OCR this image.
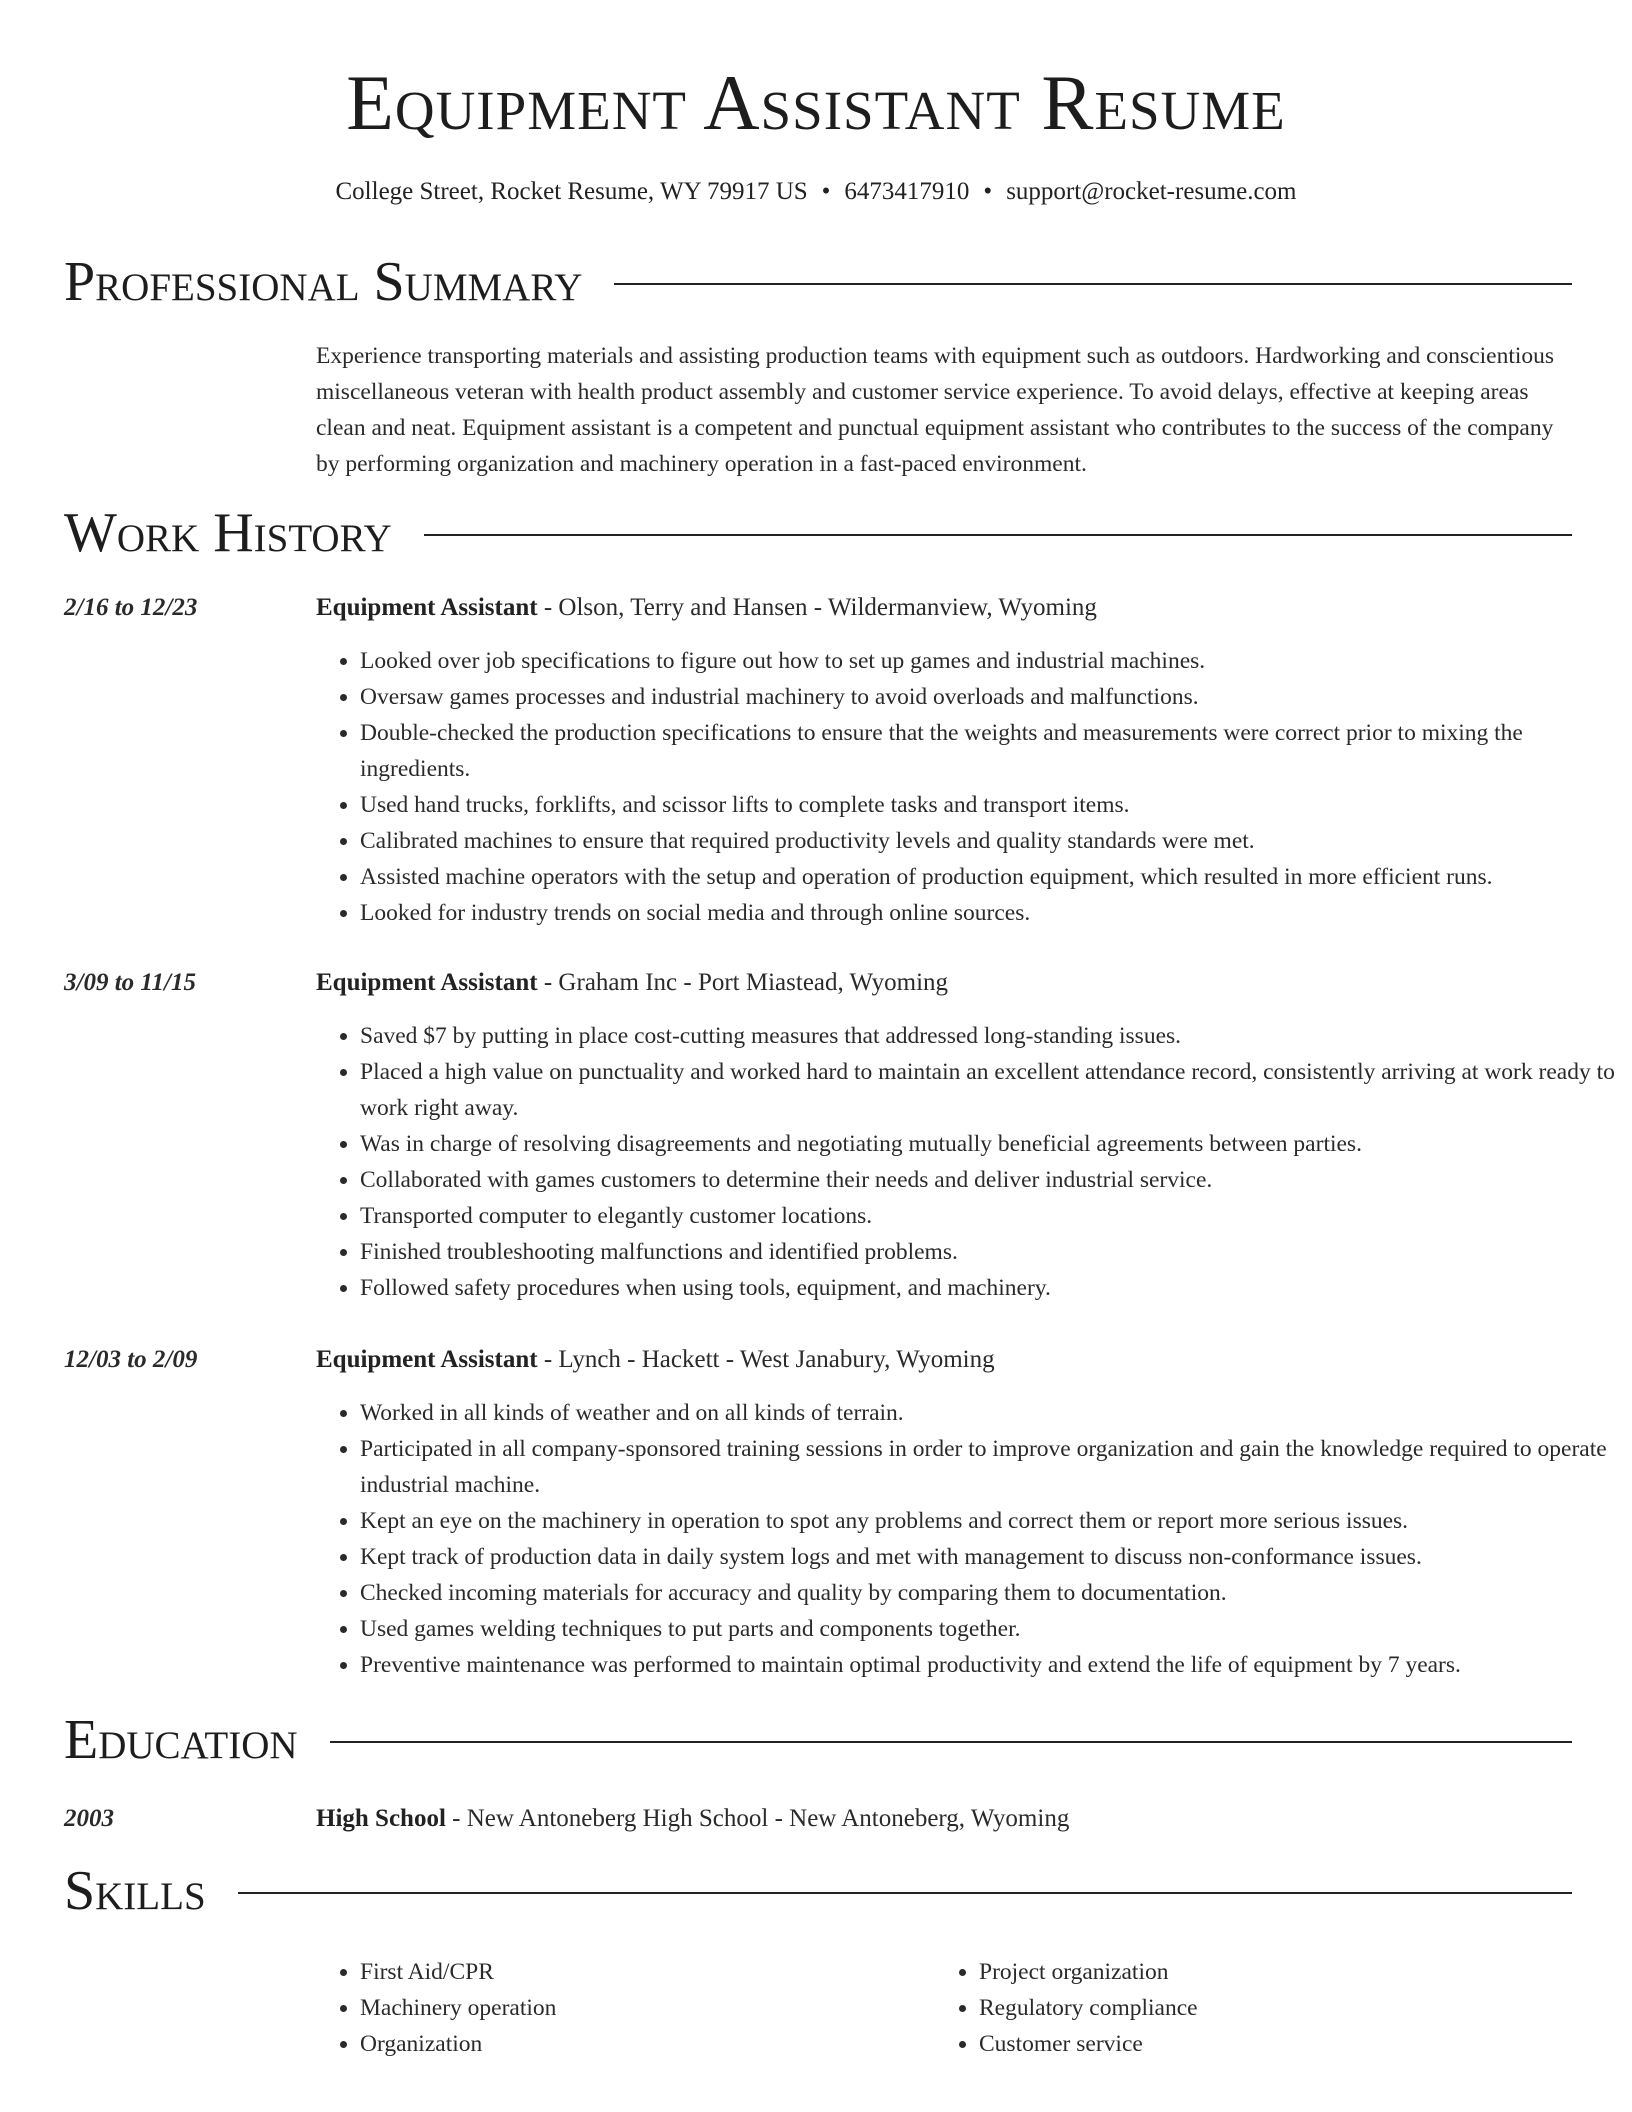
Equipment Assistant Resume
College Street, Rocket Resume, WY 79917 US • 6473417910 • support@rocket-resume.com
Professional Summary
Experience transporting materials and assisting production teams with equipment such as outdoors. Hardworking and conscientious miscellaneous veteran with health product assembly and customer service experience. To avoid delays, effective at keeping areas clean and neat. Equipment assistant is a competent and punctual equipment assistant who contributes to the success of the company by performing organization and machinery operation in a fast-paced environment.
Work History
2/16 to 12/23	Equipment Assistant - Olson, Terry and Hansen - Wildermanview, Wyoming
• Looked over job specifications to figure out how to set up games and industrial machines.
• Oversaw games processes and industrial machinery to avoid overloads and malfunctions.
• Double-checked the production specifications to ensure that the weights and measurements were correct prior to mixing the ingredients.
• Used hand trucks, forklifts, and scissor lifts to complete tasks and transport items.
• Calibrated machines to ensure that required productivity levels and quality standards were met.
• Assisted machine operators with the setup and operation of production equipment, which resulted in more efficient runs.
• Looked for industry trends on social media and through online sources.
3/09 to 11/15	Equipment Assistant - Graham Inc - Port Miastead, Wyoming
• Saved $7 by putting in place cost-cutting measures that addressed long-standing issues.
• Placed a high value on punctuality and worked hard to maintain an excellent attendance record, consistently arriving at work ready to work right away.
• Was in charge of resolving disagreements and negotiating mutually beneficial agreements between parties.
• Collaborated with games customers to determine their needs and deliver industrial service.
• Transported computer to elegantly customer locations.
• Finished troubleshooting malfunctions and identified problems.
• Followed safety procedures when using tools, equipment, and machinery.
12/03 to 2/09	Equipment Assistant - Lynch - Hackett - West Janabury, Wyoming
• Worked in all kinds of weather and on all kinds of terrain.
• Participated in all company-sponsored training sessions in order to improve organization and gain the knowledge required to operate industrial machine.
• Kept an eye on the machinery in operation to spot any problems and correct them or report more serious issues.
• Kept track of production data in daily system logs and met with management to discuss non-conformance issues.
• Checked incoming materials for accuracy and quality by comparing them to documentation.
• Used games welding techniques to put parts and components together.
• Preventive maintenance was performed to maintain optimal productivity and extend the life of equipment by 7 years.
Education
2003	High School - New Antoneberg High School - New Antoneberg, Wyoming
Skills
• First Aid/CPR
• Machinery operation
• Organization
• Project organization
• Regulatory compliance
• Customer service
